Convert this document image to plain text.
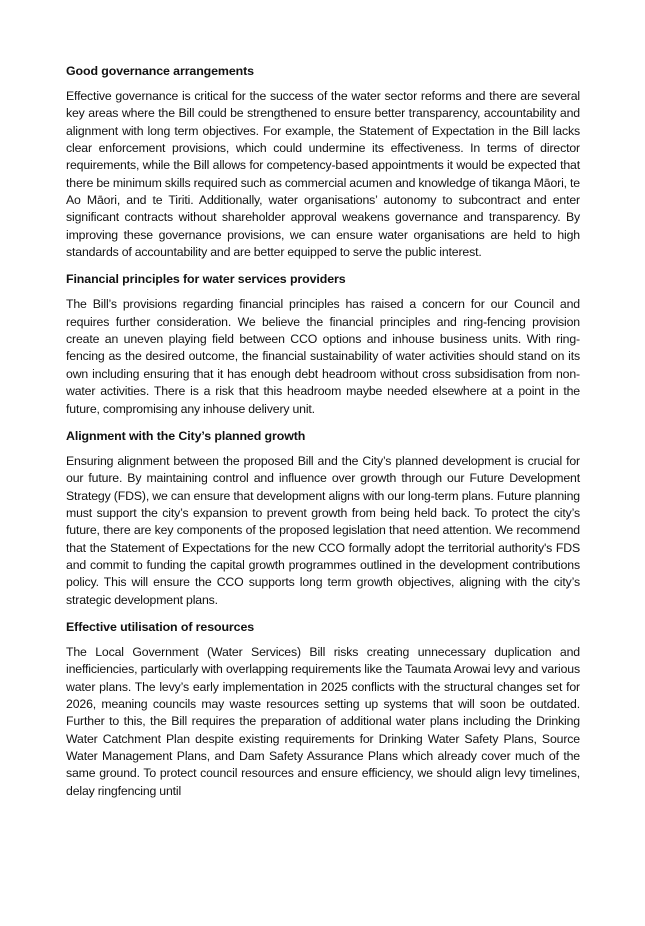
Good governance arrangements

Effective governance is critical for the success of the water sector reforms and there are several key areas where the Bill could be strengthened to ensure better transparency, accountability and alignment with long term objectives. For example, the Statement of Expectation in the Bill lacks clear enforcement provisions, which could undermine its effectiveness. In terms of director requirements, while the Bill allows for competency-based appointments it would be expected that there be minimum skills required such as commercial acumen and knowledge of tikanga Māori, te Ao Māori, and te Tiriti. Additionally, water organisations’ autonomy to subcontract and enter significant contracts without shareholder approval weakens governance and transparency. By improving these governance provisions, we can ensure water organisations are held to high standards of accountability and are better equipped to serve the public interest.

Financial principles for water services providers

The Bill’s provisions regarding financial principles has raised a concern for our Council and requires further consideration. We believe the financial principles and ring-fencing provision create an uneven playing field between CCO options and inhouse business units. With ring-fencing as the desired outcome, the financial sustainability of water activities should stand on its own including ensuring that it has enough debt headroom without cross subsidisation from non-water activities. There is a risk that this headroom maybe needed elsewhere at a point in the future, compromising any inhouse delivery unit.

Alignment with the City’s planned growth

Ensuring alignment between the proposed Bill and the City’s planned development is crucial for our future. By maintaining control and influence over growth through our Future Development Strategy (FDS), we can ensure that development aligns with our long-term plans. Future planning must support the city’s expansion to prevent growth from being held back. To protect the city’s future, there are key components of the proposed legislation that need attention. We recommend that the Statement of Expectations for the new CCO formally adopt the territorial authority's FDS and commit to funding the capital growth programmes outlined in the development contributions policy. This will ensure the CCO supports long term growth objectives, aligning with the city’s strategic development plans.

Effective utilisation of resources

The Local Government (Water Services) Bill risks creating unnecessary duplication and inefficiencies, particularly with overlapping requirements like the Taumata Arowai levy and various water plans. The levy’s early implementation in 2025 conflicts with the structural changes set for 2026, meaning councils may waste resources setting up systems that will soon be outdated. Further to this, the Bill requires the preparation of additional water plans including the Drinking Water Catchment Plan despite existing requirements for Drinking Water Safety Plans, Source Water Management Plans, and Dam Safety Assurance Plans which already cover much of the same ground. To protect council resources and ensure efficiency, we should align levy timelines, delay ringfencing until
